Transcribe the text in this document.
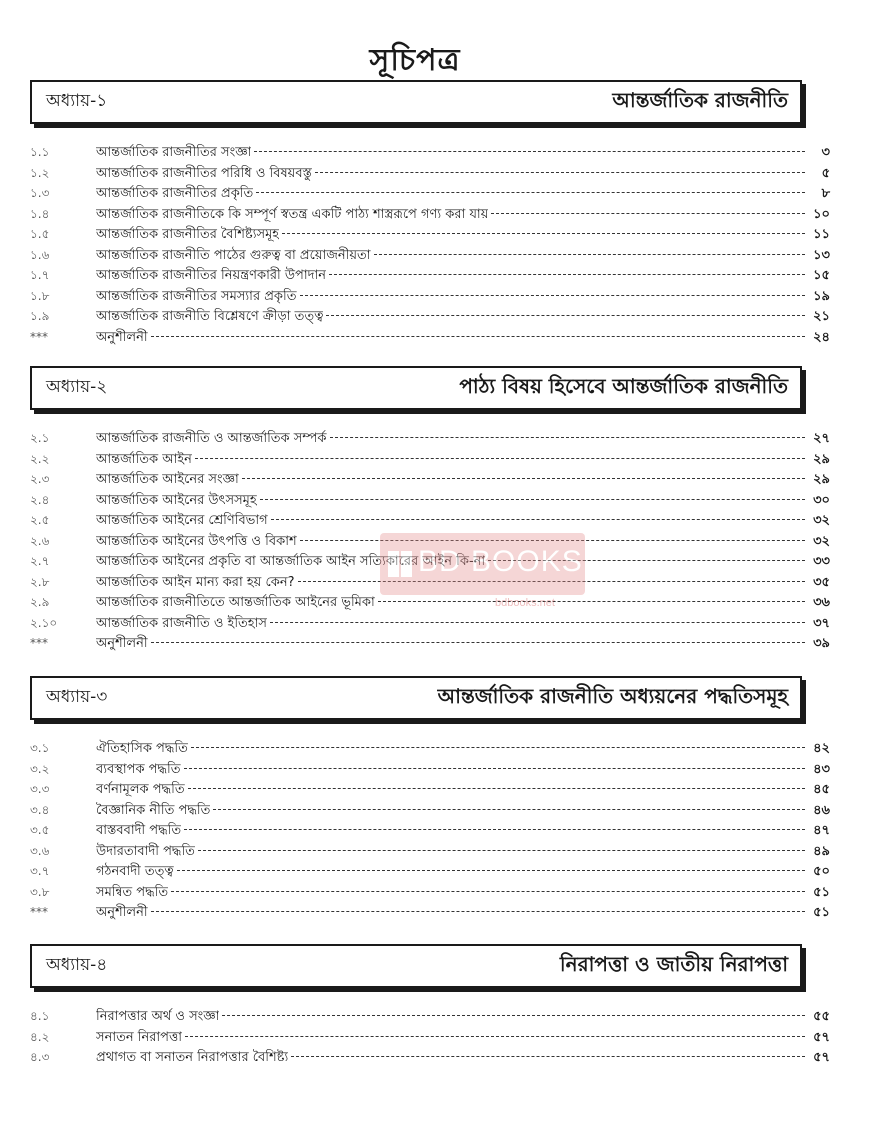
সূচিপত্র
অধ্যায়-১	আন্তর্জাতিক রাজনীতি
১.১	আন্তর্জাতিক রাজনীতির সংজ্ঞা	৩
১.২	আন্তর্জাতিক রাজনীতির পরিধি ও বিষয়বস্তু	৫
১.৩	আন্তর্জাতিক রাজনীতির প্রকৃতি	৮
১.৪	আন্তর্জাতিক রাজনীতিকে কি সম্পূর্ণ স্বতন্ত্র একটি পাঠ্য শাস্ত্ররূপে গণ্য করা যায়	১০
১.৫	আন্তর্জাতিক রাজনীতির বৈশিষ্ট্যসমূহ	১১
১.৬	আন্তর্জাতিক রাজনীতি পাঠের গুরুত্ব বা প্রয়োজনীয়তা	১৩
১.৭	আন্তর্জাতিক রাজনীতির নিয়ন্ত্রণকারী উপাদান	১৫
১.৮	আন্তর্জাতিক রাজনীতির সমস্যার প্রকৃতি	১৯
১.৯	আন্তর্জাতিক রাজনীতি বিশ্লেষণে ক্রীড়া তত্ত্ব	২১
***	অনুশীলনী	২৪
অধ্যায়-২	পাঠ্য বিষয় হিসেবে আন্তর্জাতিক রাজনীতি
২.১	আন্তর্জাতিক রাজনীতি ও আন্তর্জাতিক সম্পর্ক	২৭
২.২	আন্তর্জাতিক আইন	২৯
২.৩	আন্তর্জাতিক আইনের সংজ্ঞা	২৯
২.৪	আন্তর্জাতিক আইনের উৎসসমূহ	৩০
২.৫	আন্তর্জাতিক আইনের শ্রেণিবিভাগ	৩২
২.৬	আন্তর্জাতিক আইনের উৎপত্তি ও বিকাশ	৩২
২.৭	আন্তর্জাতিক আইনের প্রকৃতি বা আন্তর্জাতিক আইন সত্যিকারের আইন কি-না	৩৩
২.৮	আন্তর্জাতিক আইন মান্য করা হয় কেন?	৩৫
২.৯	আন্তর্জাতিক রাজনীতিতে আন্তর্জাতিক আইনের ভূমিকা	৩৬
২.১০	আন্তর্জাতিক রাজনীতি ও ইতিহাস	৩৭
***	অনুশীলনী	৩৯
অধ্যায়-৩	আন্তর্জাতিক রাজনীতি অধ্যয়নের পদ্ধতিসমূহ
৩.১	ঐতিহাসিক পদ্ধতি	৪২
৩.২	ব্যবস্থাপক পদ্ধতি	৪৩
৩.৩	বর্ণনামূলক পদ্ধতি	৪৫
৩.৪	বৈজ্ঞানিক নীতি পদ্ধতি	৪৬
৩.৫	বাস্তববাদী পদ্ধতি	৪৭
৩.৬	উদারতাবাদী পদ্ধতি	৪৯
৩.৭	গঠনবাদী তত্ত্ব	৫০
৩.৮	সমন্বিত পদ্ধতি	৫১
***	অনুশীলনী	৫১
অধ্যায়-৪	নিরাপত্তা ও জাতীয় নিরাপত্তা
৪.১	নিরাপত্তার অর্থ ও সংজ্ঞা	৫৫
৪.২	সনাতন নিরাপত্তা	৫৭
৪.৩	প্রথাগত বা সনাতন নিরাপত্তার বৈশিষ্ট্য	৫৭
BD BOOKS
bdbooks.net
